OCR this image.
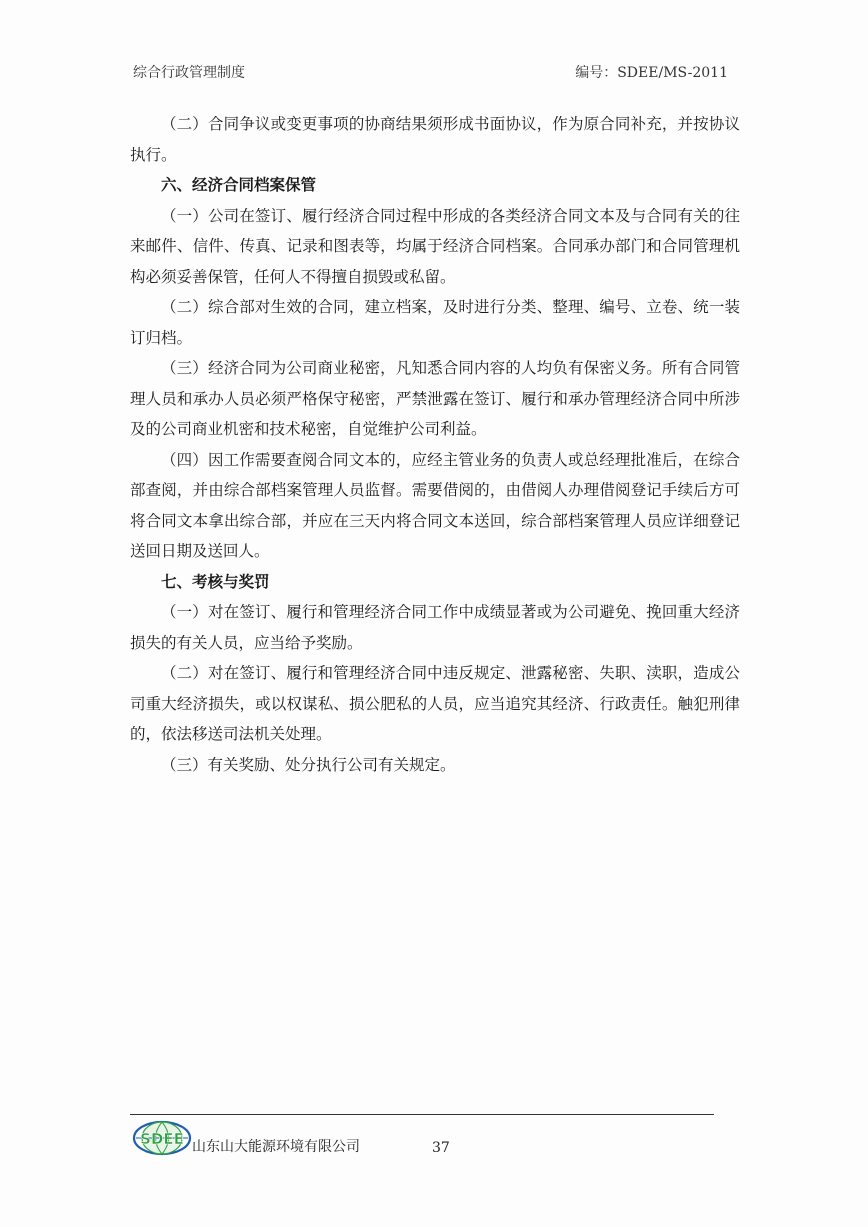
综合行政管理制度	编号：SDEE/MS-2011

（二）合同争议或变更事项的协商结果须形成书面协议，作为原合同补充，并按协议执行。

六、经济合同档案保管

（一）公司在签订、履行经济合同过程中形成的各类经济合同文本及与合同有关的往来邮件、信件、传真、记录和图表等，均属于经济合同档案。合同承办部门和合同管理机构必须妥善保管，任何人不得擅自损毁或私留。

（二）综合部对生效的合同，建立档案，及时进行分类、整理、编号、立卷、统一装订归档。

（三）经济合同为公司商业秘密，凡知悉合同内容的人均负有保密义务。所有合同管理人员和承办人员必须严格保守秘密，严禁泄露在签订、履行和承办管理经济合同中所涉及的公司商业机密和技术秘密，自觉维护公司利益。

（四）因工作需要查阅合同文本的，应经主管业务的负责人或总经理批准后，在综合部查阅，并由综合部档案管理人员监督。需要借阅的，由借阅人办理借阅登记手续后方可将合同文本拿出综合部，并应在三天内将合同文本送回，综合部档案管理人员应详细登记送回日期及送回人。

七、考核与奖罚

（一）对在签订、履行和管理经济合同工作中成绩显著或为公司避免、挽回重大经济损失的有关人员，应当给予奖励。

（二）对在签订、履行和管理经济合同中违反规定、泄露秘密、失职、渎职，造成公司重大经济损失，或以权谋私、损公肥私的人员，应当追究其经济、行政责任。触犯刑律的，依法移送司法机关处理。

（三）有关奖励、处分执行公司有关规定。

SDEE 山东山大能源环境有限公司	37
